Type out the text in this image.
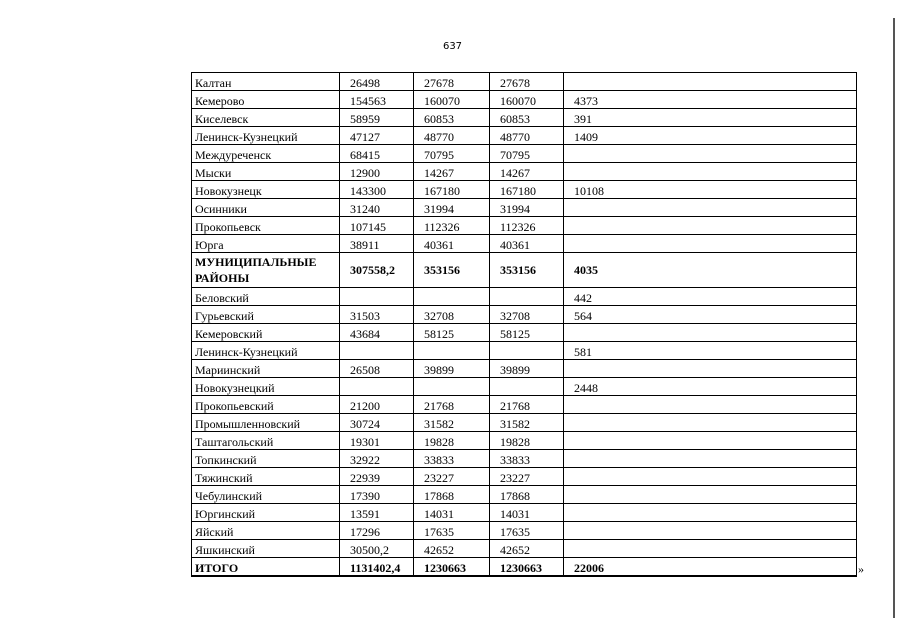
637
Калтан	26498	27678	27678	
Кемерово	154563	160070	160070	4373
Киселевск	58959	60853	60853	391
Ленинск-Кузнецкий	47127	48770	48770	1409
Междуреченск	68415	70795	70795	
Мыски	12900	14267	14267	
Новокузнецк	143300	167180	167180	10108
Осинники	31240	31994	31994	
Прокопьевск	107145	112326	112326	
Юрга	38911	40361	40361	
МУНИЦИПАЛЬНЫЕ РАЙОНЫ	307558,2	353156	353156	4035
Беловский				442
Гурьевский	31503	32708	32708	564
Кемеровский	43684	58125	58125	
Ленинск-Кузнецкий				581
Мариинский	26508	39899	39899	
Новокузнецкий				2448
Прокопьевский	21200	21768	21768	
Промышленновский	30724	31582	31582	
Таштагольский	19301	19828	19828	
Топкинский	32922	33833	33833	
Тяжинский	22939	23227	23227	
Чебулинский	17390	17868	17868	
Юргинский	13591	14031	14031	
Яйский	17296	17635	17635	
Яшкинский	30500,2	42652	42652	
ИТОГО	1131402,4	1230663	1230663	22006	»
